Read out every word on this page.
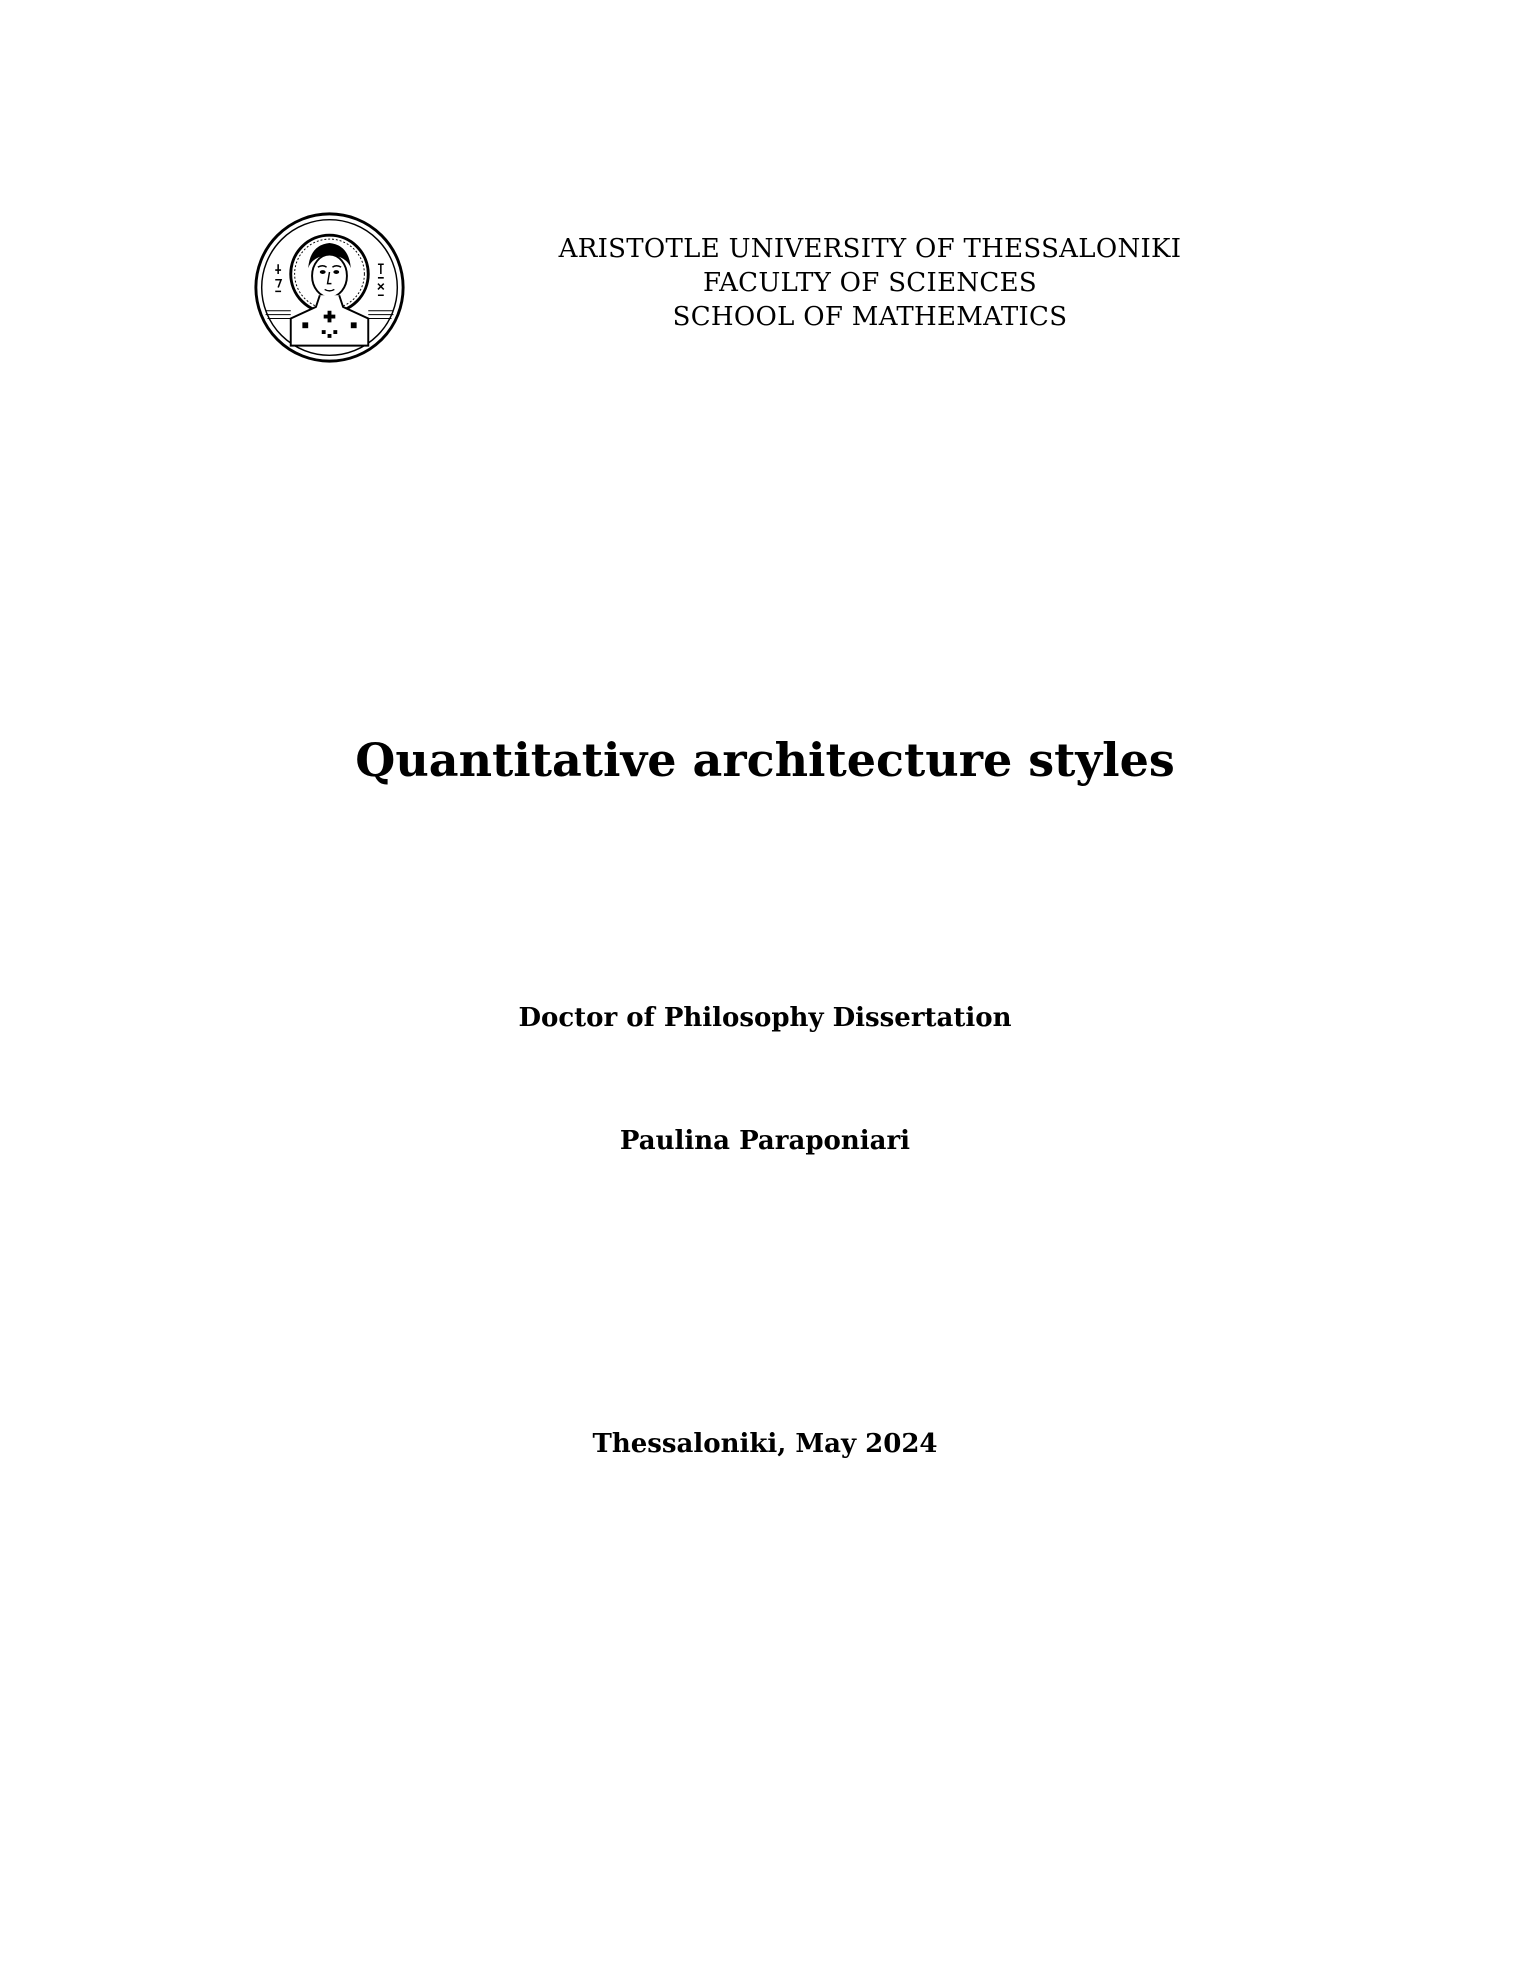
ARISTOTLE UNIVERSITY OF THESSALONIKI
FACULTY OF SCIENCES
SCHOOL OF MATHEMATICS
Quantitative architecture styles
Doctor of Philosophy Dissertation
Paulina Paraponiari
Thessaloniki, May 2024
